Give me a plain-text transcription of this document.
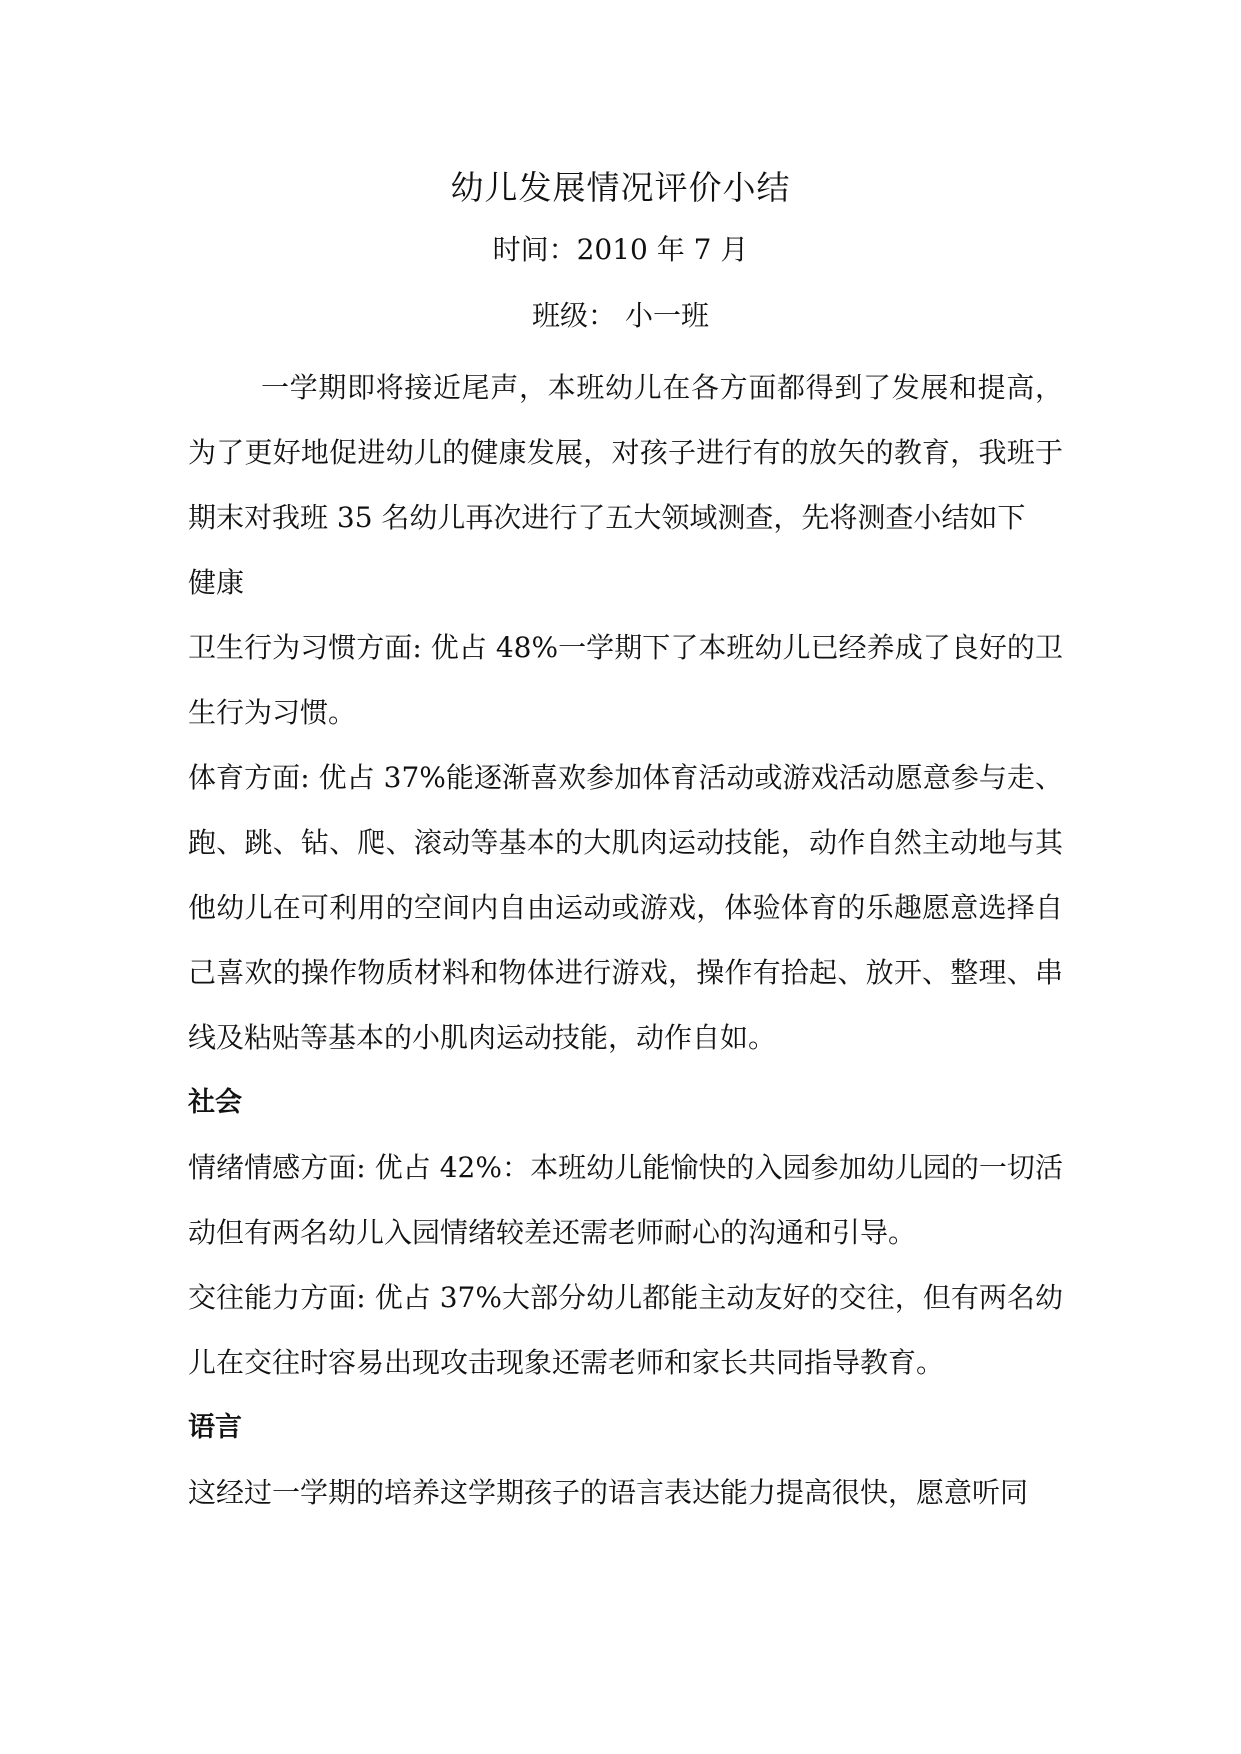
幼儿发展情况评价小结
时间：2010 年 7 月
班级： 小一班

一学期即将接近尾声，本班幼儿在各方面都得到了发展和提高，为了更好地促进幼儿的健康发展，对孩子进行有的放矢的教育，我班于期末对我班 35 名幼儿再次进行了五大领域测查，先将测查小结如下

健康

卫生行为习惯方面: 优占 48%一学期下了本班幼儿已经养成了良好的卫生行为习惯。

体育方面: 优占 37%能逐渐喜欢参加体育活动或游戏活动愿意参与走、跑、跳、钻、爬、滚动等基本的大肌肉运动技能，动作自然主动地与其他幼儿在可利用的空间内自由运动或游戏，体验体育的乐趣愿意选择自己喜欢的操作物质材料和物体进行游戏，操作有拾起、放开、整理、串线及粘贴等基本的小肌肉运动技能，动作自如。

社会

情绪情感方面: 优占 42%：本班幼儿能愉快的入园参加幼儿园的一切活动但有两名幼儿入园情绪较差还需老师耐心的沟通和引导。

交往能力方面: 优占 37%大部分幼儿都能主动友好的交往，但有两名幼儿在交往时容易出现攻击现象还需老师和家长共同指导教育。

语言

这经过一学期的培养这学期孩子的语言表达能力提高很快，愿意听同
